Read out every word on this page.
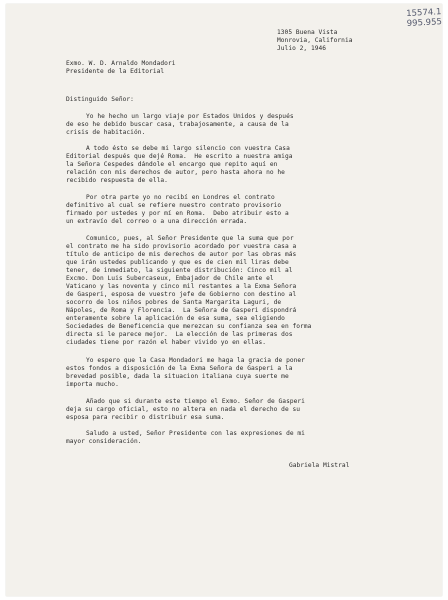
15574.1
995.955
1305 Buena Vista
Monrovia, California
Julio 2, 1946
Exmo. W. D. Arnaldo Mondadori
Presidente de la Editorial
Distinguido Señor:
Yo he hecho un largo viaje por Estados Unidos y después
de eso he debido buscar casa, trabajosamente, a causa de la
crisis de habitación.
A todo ésto se debe mi largo silencio con vuestra Casa
Editorial después que dejé Roma.  He escrito a nuestra amiga
la Señora Cespedes dándole el encargo que repito aquí en
relación con mis derechos de autor, pero hasta ahora no he
recibido respuesta de ella.
Por otra parte yo no recibí en Londres el contrato
definitivo al cual se refiere nuestro contrato provisorio
firmado por ustedes y por mí en Roma.  Debo atribuir esto a
un extravío del correo o a una dirección errada.
Comunico, pues, al Señor Presidente que la suma que por
el contrato me ha sido provisorio acordado por vuestra casa a
título de anticipo de mis derechos de autor por las obras más
que irán ustedes publicando y que es de cien mil liras debe
tener, de inmediato, la siguiente distribución: Cinco mil al
Excmo. Don Luis Subercaseux, Embajador de Chile ante el
Vaticano y las noventa y cinco mil restantes a la Exma Señora
de Gasperi, esposa de vuestro jefe de Gobierno con destino al
socorro de los niños pobres de Santa Margarita Laguri, de
Nápoles, de Roma y Florencia.  La Señora de Gasperi dispondrá
enteramente sobre la aplicación de esa suma, sea eligiendo
Sociedades de Beneficencia que merezcan su confianza sea en forma
directa si le parece mejor.  La elección de las primeras dos
ciudades tiene por razón el haber vivido yo en ellas.
Yo espero que la Casa Mondadori me haga la gracia de poner
estos fondos a disposición de la Exma Señora de Gasperi a la
brevedad posible, dada la situacion italiana cuya suerte me
importa mucho.
Añado que si durante este tiempo el Exmo. Señor de Gasperi
deja su cargo oficial, esto no altera en nada el derecho de su
esposa para recibir o distribuir esa suma.
Saludo a usted, Señor Presidente con las expresiones de mi
mayor consideración.
Gabriela Mistral
